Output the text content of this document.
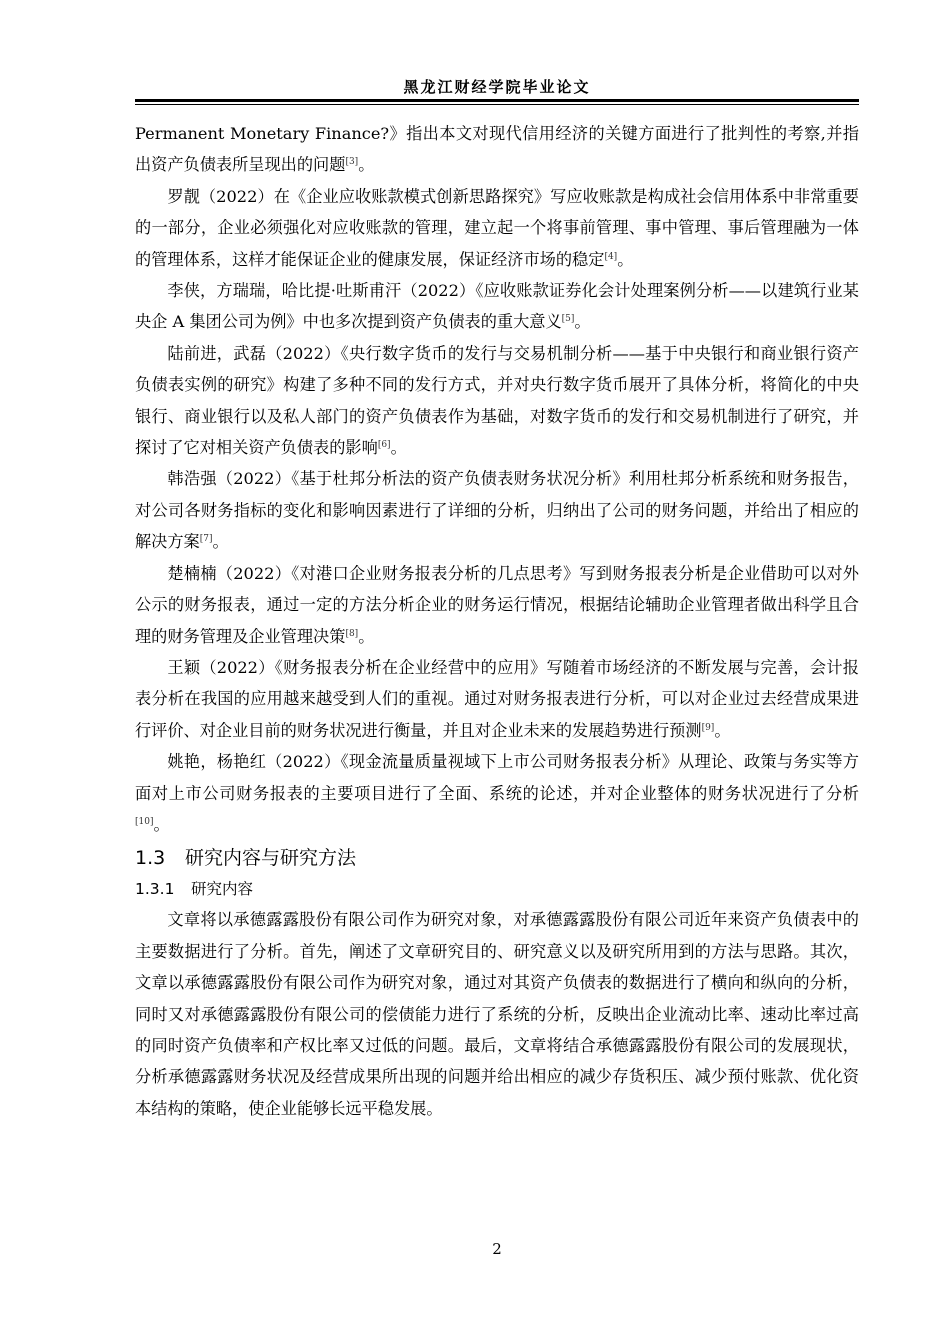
黑龙江财经学院毕业论文

Permanent Monetary Finance?》指出本文对现代信用经济的关键方面进行了批判性的考察,并指出资产负债表所呈现出的问题[3]。

罗靓（2022）在《企业应收账款模式创新思路探究》写应收账款是构成社会信用体系中非常重要的一部分，企业必须强化对应收账款的管理，建立起一个将事前管理、事中管理、事后管理融为一体的管理体系，这样才能保证企业的健康发展，保证经济市场的稳定[4]。

李侠，方瑞瑞，哈比提·吐斯甫汗（2022）《应收账款证券化会计处理案例分析——以建筑行业某央企 A 集团公司为例》中也多次提到资产负债表的重大意义[5]。

陆前进，武磊（2022）《央行数字货币的发行与交易机制分析——基于中央银行和商业银行资产负债表实例的研究》构建了多种不同的发行方式，并对央行数字货币展开了具体分析，将简化的中央银行、商业银行以及私人部门的资产负债表作为基础，对数字货币的发行和交易机制进行了研究，并探讨了它对相关资产负债表的影响[6]。

韩浩强（2022）《基于杜邦分析法的资产负债表财务状况分析》利用杜邦分析系统和财务报告，对公司各财务指标的变化和影响因素进行了详细的分析，归纳出了公司的财务问题，并给出了相应的解决方案[7]。

楚楠楠（2022）《对港口企业财务报表分析的几点思考》写到财务报表分析是企业借助可以对外公示的财务报表，通过一定的方法分析企业的财务运行情况，根据结论辅助企业管理者做出科学且合理的财务管理及企业管理决策[8]。

王颖（2022）《财务报表分析在企业经营中的应用》写随着市场经济的不断发展与完善，会计报表分析在我国的应用越来越受到人们的重视。通过对财务报表进行分析，可以对企业过去经营成果进行评价、对企业目前的财务状况进行衡量，并且对企业未来的发展趋势进行预测[9]。

姚艳，杨艳红（2022）《现金流量质量视域下上市公司财务报表分析》从理论、政策与务实等方面对上市公司财务报表的主要项目进行了全面、系统的论述，并对企业整体的财务状况进行了分析[10]。

1.3 研究内容与研究方法
1.3.1 研究内容

文章将以承德露露股份有限公司作为研究对象，对承德露露股份有限公司近年来资产负债表中的主要数据进行了分析。首先，阐述了文章研究目的、研究意义以及研究所用到的方法与思路。其次，文章以承德露露股份有限公司作为研究对象，通过对其资产负债表的数据进行了横向和纵向的分析，同时又对承德露露股份有限公司的偿债能力进行了系统的分析，反映出企业流动比率、速动比率过高的同时资产负债率和产权比率又过低的问题。最后，文章将结合承德露露股份有限公司的发展现状，分析承德露露财务状况及经营成果所出现的问题并给出相应的减少存货积压、减少预付账款、优化资本结构的策略，使企业能够长远平稳发展。

2
